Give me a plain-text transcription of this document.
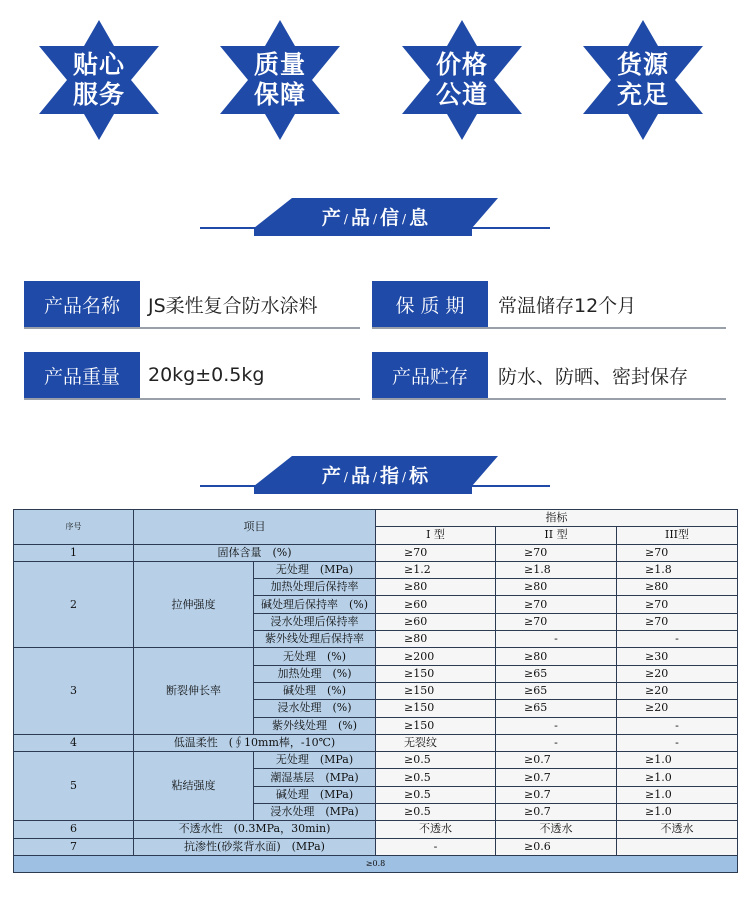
贴心
服务
质量
保障
价格
公道
货源
充足
产 / 品 / 信 / 息
产品名称	JS柔性复合防水涂料	保 质 期	常温储存12个月
产品重量	20kg±0.5kg	产品贮存	防水、防晒、密封保存
产 / 品 / 指 / 标
序号	项目		指标		
			I 型	II 型	III型
1	固体含量　(%)		≥70	≥70	≥70
2	拉伸强度	无处理　(MPa)	≥1.2	≥1.8	≥1.8
		加热处理后保持率	≥80	≥80	≥80
		碱处理后保持率　(%)	≥60	≥70	≥70
		浸水处理后保持率	≥60	≥70	≥70
		紫外线处理后保持率	≥80	-	-
3	断裂伸长率	无处理　(%)	≥200	≥80	≥30
		加热处理　(%)	≥150	≥65	≥20
		碱处理　(%)	≥150	≥65	≥20
		浸水处理　(%)	≥150	≥65	≥20
		紫外线处理　(%)	≥150	-	-
4	低温柔性　(∮10mm棒，-10℃)		无裂纹	-	-
5	粘结强度	无处理　(MPa)	≥0.5	≥0.7	≥1.0
		潮湿基层　(MPa)	≥0.5	≥0.7	≥1.0
		碱处理　(MPa)	≥0.5	≥0.7	≥1.0
		浸水处理　(MPa)	≥0.5	≥0.7	≥1.0
6	不透水性　(0.3MPa，30min)		不透水	不透水	不透水
7	抗渗性(砂浆背水面)　(MPa)		-	≥0.6	
≥0.8					
